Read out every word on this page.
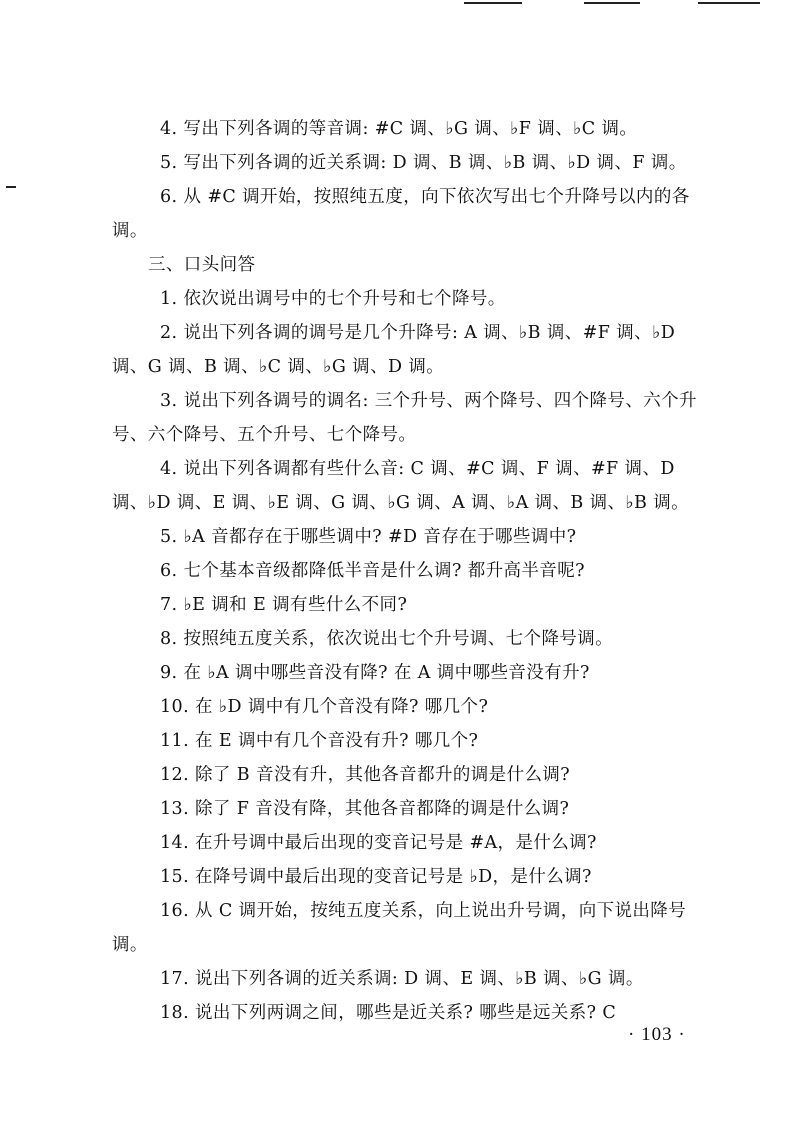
4. 写出下列各调的等音调: #C 调、♭G 调、♭F 调、♭C 调。

5. 写出下列各调的近关系调: D 调、B 调、♭B 调、♭D 调、F 调。

6. 从 #C 调开始，按照纯五度，向下依次写出七个升降号以内的各调。

三、口头问答

1. 依次说出调号中的七个升号和七个降号。

2. 说出下列各调的调号是几个升降号: A 调、♭B 调、#F 调、♭D 调、G 调、B 调、♭C 调、♭G 调、D 调。

3. 说出下列各调号的调名: 三个升号、两个降号、四个降号、六个升号、六个降号、五个升号、七个降号。

4. 说出下列各调都有些什么音: C 调、#C 调、F 调、#F 调、D 调、♭D 调、E 调、♭E 调、G 调、♭G 调、A 调、♭A 调、B 调、♭B 调。

5. ♭A 音都存在于哪些调中? #D 音存在于哪些调中?

6. 七个基本音级都降低半音是什么调? 都升高半音呢?

7. ♭E 调和 E 调有些什么不同?

8. 按照纯五度关系，依次说出七个升号调、七个降号调。

9. 在 ♭A 调中哪些音没有降? 在 A 调中哪些音没有升?

10. 在 ♭D 调中有几个音没有降? 哪几个?

11. 在 E 调中有几个音没有升? 哪几个?

12. 除了 B 音没有升，其他各音都升的调是什么调?

13. 除了 F 音没有降，其他各音都降的调是什么调?

14. 在升号调中最后出现的变音记号是 #A，是什么调?

15. 在降号调中最后出现的变音记号是 ♭D，是什么调?

16. 从 C 调开始，按纯五度关系，向上说出升号调，向下说出降号调。

17. 说出下列各调的近关系调: D 调、E 调、♭B 调、♭G 调。

18. 说出下列两调之间，哪些是近关系? 哪些是远关系? C

· 103 ·
